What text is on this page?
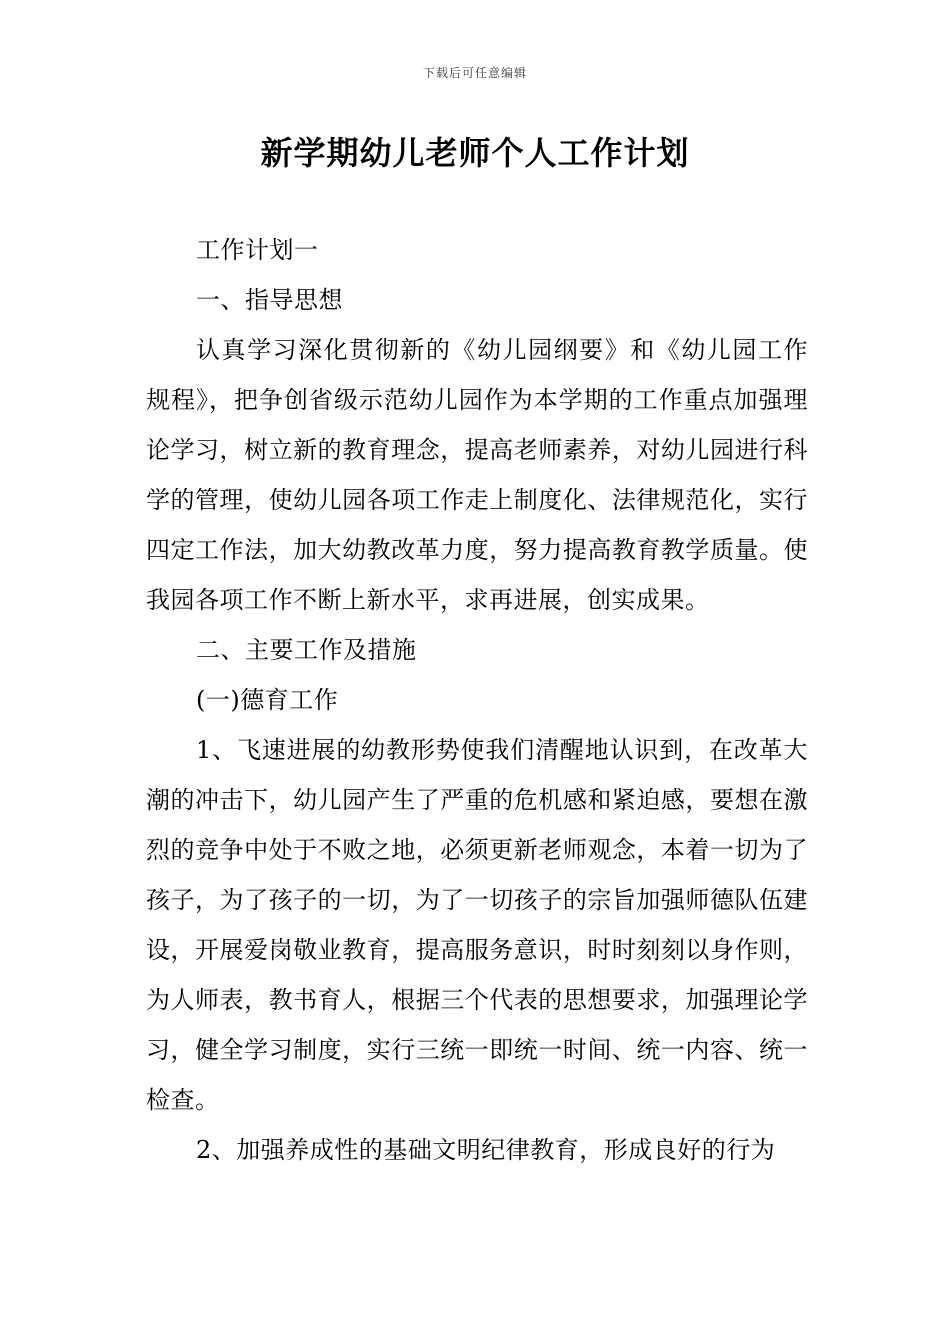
下载后可任意编辑
新学期幼儿老师个人工作计划

工作计划一

一、指导思想

认真学习深化贯彻新的《幼儿园纲要》和《幼儿园工作规程》，把争创省级示范幼儿园作为本学期的工作重点加强理论学习，树立新的教育理念，提高老师素养，对幼儿园进行科学的管理，使幼儿园各项工作走上制度化、法律规范化，实行四定工作法，加大幼教改革力度，努力提高教育教学质量。使我园各项工作不断上新水平，求再进展，创实成果。

二、主要工作及措施

(一)德育工作

1、飞速进展的幼教形势使我们清醒地认识到，在改革大潮的冲击下，幼儿园产生了严重的危机感和紧迫感，要想在激烈的竞争中处于不败之地，必须更新老师观念，本着一切为了孩子，为了孩子的一切，为了一切孩子的宗旨加强师德队伍建设，开展爱岗敬业教育，提高服务意识，时时刻刻以身作则，为人师表，教书育人，根据三个代表的思想要求，加强理论学习，健全学习制度，实行三统一即统一时间、统一内容、统一检查。

2、加强养成性的基础文明纪律教育，形成良好的行为
